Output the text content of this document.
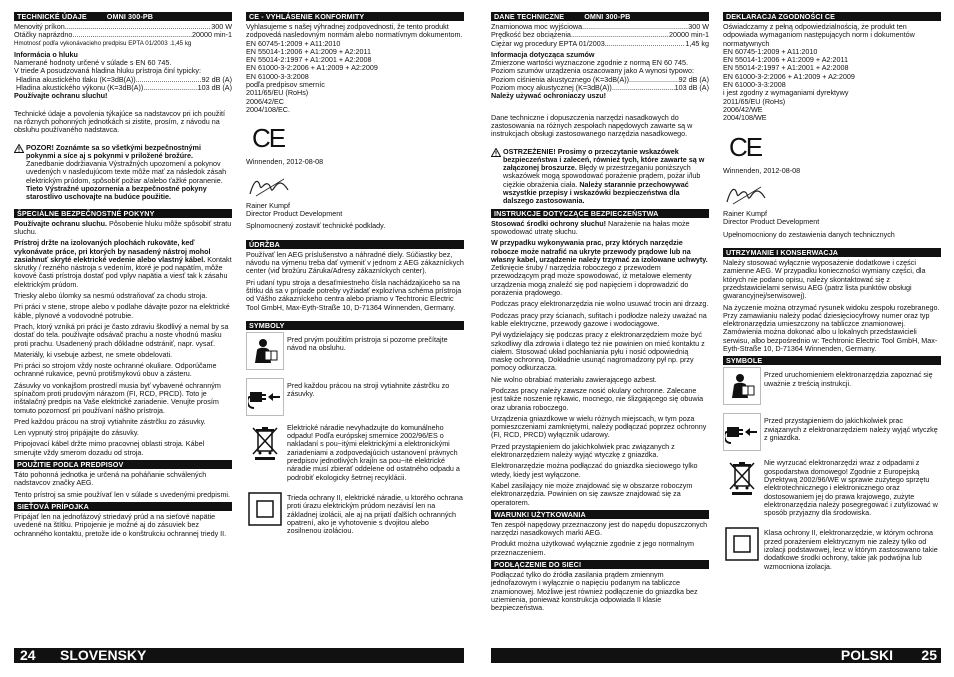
TECHNICKÉ ÚDAJE	OMNI 300-PB
Menovitý príkon .....	300 W
Otáčky naprázdno .....	20000 min-1

Hmotnosť podľa vykonávacieho predpisu EPTA 01/2003 .1,45 kg

Informácia o hluku

Namerané hodnoty určené v súlade s EN 60 745.

V triede A posudzovaná hladina hluku prístroja činí typicky:

Hladina akustického tlaku (K=3dB(A)) .....	92 dB (A)
Hladina akustického výkonu (K=3dB(A)) .....	103 dB (A)

Používajte ochranu sluchu!

Technické údaje a povolenia týkajúce sa nadstavcov pri ich použití na rôznych pohonných jednotkách si zistite, prosím, z návodu na obsluhu používaného nadstavca.

POZOR! Zoznámte sa so všetkými bezpečnostnými pokynmi a síce aj s pokynmi v priložené brožúre. Zanedbanie dodržiavania Výstražných upozornení a pokynov uvedených v nasledujúcom texte môže mať za následok zásah elektrickým prúdom, spôsobiť požiar a/alebo ťažké poranenie. Tieto Výstražné upozornenia a bezpečnostné pokyny starostlivo uschovajte na budúce použitie.

ŠPECIÁLNE BEZPEČNOSTNÉ POKYNY

Používajte ochranu sluchu. Pôsobenie hluku môže spôsobiť stratu sluchu.

Prístroj držte na izolovaných plochách rukoväte, keď vykonávate práce, pri ktorých by nasadený nástroj mohol zasiahnuť skryté elektrické vedenie alebo vlastný kábel. Kontakt skrutky / rezného nástroja s vedením, ktoré je pod napätím, môže kovové časti prístroja dostať pod vplyv napätia a viesť tak k zásahu elektrickým prúdom.

Triesky alebo úlomky sa nesmú odstraňovať za chodu stroja.

Pri práci v stene, stropе alebo v podlahe dávajte pozor na elektrické káble, plynové a vodovodné potrubie.

Prach, ktorý vzniká pri práci je často zdraviu škodlivý a nemal by sa dostať do tela. používajte odsávač prachu a noste vhodnú masku proti prachu. Usadenený prach dôkladne odstrániť, napr. vysať.

Materiály, ki vsebuje azbest, ne smete obdelovati.

Pri práci so strojom vždy noste ochranné okuliare. Odporúčame ochranné rukavice, pevnú protišmykovú obuv a zásteru.

Zásuvky vo vonkajšom prostredí musia byť vybavené ochranným spínačom proti prudovým nárazom (FI, RCD, PRCD). Toto je inštalačný predpis na Vaše elektrické zariadenie. Venujte prosím tomuto pozornosť pri používaní nášho prístroja.

Pred každou prácou na stroji vytiahnite zástrčku zo zásuvky.

Len vypnutý stroj pripájajte do zásuvky.

Pripojovací kábel držte mimo pracovnej oblasti stroja. Kábel smerujte vždy smerom dozadu od stroja.

POUŽITIE PODĽA PREDPISOV

Táto pohonná jednotka je určená na poháňanie schválených nadstavcov značky AEG.

Tento prístroj sa smie používať len v súlade s uvedenými predpismi.

SIEŤOVÁ PRÍPOJKA

Pripájať len na jednofázový striedavý prúd a na sieťové napätie uvedené na štítku. Pripojenie je možné aj do zásuviek bez ochranného kontaktu, pretože ide o konštrukciu ochrannej triedy II.

CE - VYHLÁSENIE KONFORMITY

Vyhlasujeme s našej výhradnej zodpovednosti, že tento produkt zodpovedá nasledovným normám alebo normatívnym dokumentom.

EN 60745-1:2009 + A11:2010
EN 55014-1:2006 + A1:2009 + A2:2011
EN 55014-2:1997 + A1:2001 + A2:2008
EN 61000-3-2:2006 + A1:2009 + A2:2009
EN 61000-3-3:2008
podľa predpisov smerníc
2011/65/EU (RoHs)
2006/42/EC
2004/108/EC.
CE

Winnenden, 2012-08-08

Rainer Kumpf

Director Product Development

Splnomocnený zostaviť technické podklady.

ÚDRŽBA

Používať len AEG príslušenstvo a náhradné diely. Súčiastky bez, návodu na výmenu treba dať vymeniť v jednom z AEG zákazníckych center (viď brožúru Záruka/Adresy zákazníckych center).

Pri udaní typu stroja a desaťmiestneho čísla nachádzajúceho sa na štítku dá sa v prípade potreby vyžiadať explozívna schéma prístroja od Vášho zákazníckeho centra alebo priamo v Techtronic Electric Tool GmbH, Max-Eyth-Straße 10, D-71364 Winnenden, Germany.

SYMBOLY
Pred prvým použitím prístroja si pozorne prečítajte návod na obsluhu.
Pred každou prácou na stroji vytiahnite zástrčku zo zásuvky.
Elektrické náradie nevyhadzujte do komunálneho odpadu! Podľa európskej smernice 2002/96/ES o nakladaní s pou~itými elektrickými a elektronickými zariadeniami a zodpovedajúcich ustanovení právnych predpisov jednotlivých krajín sa pou~ité elektrické náradie musí zbierať oddelene od ostatného odpadu a podrobiť ekologicky šetrnej recyklácii.
Trieda ochrany II, elektrické náradie, u ktorého ochrana proti úrazu elektrickým prúdom nezávisí len na základnej izolácii, ale aj na prijatí ďalších ochranných opatrení, ako je vyhotovenie s dvojitou alebo zosilnenou izoláciou.
DANE TECHNICZNE	OMNI 300-PB
Znamionowa moc wyjściowa .....	300 W
Prędkość bez obciążenia .....	20000 min-1
Ciężar wg procedury EPTA 01/2003 .....	1,45 kg

Informacja dotycząca szumów

Zmierzone wartości wyznaczone zgodnie z normą EN 60 745. Poziom szumów urządzenia oszacowany jako A wynosi typowo:

Poziom ciśnienia akustycznego (K=3dB(A)) .....	92 dB (A)
Poziom mocy akustycznej (K=3dB(A)) .....	103 dB (A)

Należy używać ochroniaczy uszu!

Dane techniczne i dopuszczenia narzędzi nasadkowych do zastosowania na różnych zespołach napędowych zawarte są w instrukcjach obsługi zastosowanego narzędzia nasadkowego.

OSTRZEŻENIE! Prosimy o przeczytanie wskazówek bezpieczeństwa i zaleceń, również tych, które zawarte są w załączonej broszurze. Błędy w przestrzeganiu poniższych wskazówek mogą spowodować porażenie prądem, pożar i/lub ciężkie obrażenia ciała. Należy starannie przechowywać wszystkie przepisy i wskazówki bezpieczeństwa dla dalszego zastosowania.

INSTRUKCJE DOTYCZĄCE BEZPIECZEŃSTWA

Stosować środki ochrony słuchu! Narażenie na hałas może spowodować utratę słuchu.

W przypadku wykonywania prac, przy których narzędzie robocze może natrafić na ukryte przewody prądowe lub na własny kabel, urządzenie należy trzymać za izolowane uchwyty. Zetknięcie śruby / narzędzia roboczego z przewodem przewodzącym prąd może spowodować, iż metalowe elementy urządzenia mogą znaleźć się pod napięciem i doprowadzić do porażenia prądowego.

Podczas pracy elektronarzędzia nie wolno usuwać trocin ani drzazg.

Podczas pracy przy ścianach, sufitach i podłodze należy uważać na kable elektryczne, przewody gazowe i wodociągowe.

Pył wydzielający się podczas pracy z elektronarzędziem może być szkodliwy dla zdrowia i dlatego też nie powinien on mieć kontaktu z ciałem. Stosować układ pochłaniania pyłu i nosić odpowiednią maskę ochronną. Dokładnie usunąć nagromadzony pył np. przy pomocy odkurzacza.

Nie wolno obrabiać materiału zawierającego azbest.

Podczas pracy należy zawsze nosić okulary ochronne. Zalecane jest także noszenie rękawic, mocnego, nie ślizgającego się obuwia oraz ubrania roboczego.

Urządzenia gniazdkowe w wielu różnych miejscach, w tym poza pomieszczeniami zamkniętymi, należy podłączać poprzez ochronny (FI, RCD, PRCD) wyłącznik udarowy.

Przed przystąpieniem do jakichkolwiek prac związanych z elektronarzędziem należy wyjąć wtyczkę z gniazdka.

Elektronarzędzie można podłączać do gniazdka sieciowego tylko wtedy, kiedy jest wyłączone.

Kabel zasilający nie może znajdować się w obszarze roboczym elektronarzędzia. Powinien on się zawsze znajdować się za operatorem.

WARUNKI UŻYTKOWANIA

Ten zespół napędowy przeznaczony jest do napędu dopuszczonych narzędzi nasadkowych marki AEG.

Produkt można użytkować wyłącznie zgodnie z jego normalnym przeznaczeniem.

PODŁĄCZENIE DO SIECI

Podłączać tylko do źródła zasilania prądem zmiennym jednofazowym i wyłącznie o napięciu podanym na tabliczce znamionowej. Możliwe jest również podłączenie do gniazdka bez uziemienia, ponieważ konstrukcja odpowiada II klasie bezpieczeństwa.

DEKLARACJA ZGODNOŚCI CE

Oświadczamy z pełną odpowiedzialnością, że produkt ten odpowiada wymaganiom następujących norm i dokumentów normatywnych

EN 60745-1:2009 + A11:2010
EN 55014-1:2006 + A1:2009 + A2:2011
EN 55014-2:1997 + A1:2001 + A2:2008
EN 61000-3-2:2006 + A1:2009 + A2:2009
EN 61000-3-3:2008
i jest zgodny z wymaganiami dyrektywy
2011/65/EU (RoHs)
2006/42/WE
2004/108/WE
CE

Winnenden, 2012-08-08

Rainer Kumpf

Director Product Development

Upełnomocniony do zestawienia danych technicznych

UTRZYMANIE I KONSERWACJA

Należy stosować wyłącznie wyposażenie dodatkowe i części zamienne AEG. W przypadku konieczności wymiany części, dla których nie podano opisu, należy skontaktować się z przedstawicielami serwisu AEG (patrz lista punktów obsługi gwarancyjnej/serwisowej).

Na życzenie można otrzymać rysunek widoku zespołu rozebranego. Przy zamawianiu należy podać dziesięciocyfrowy numer oraz typ elektronarzędzia umieszczony na tabliczce znamionowej. Zamówienia można dokonać albo u lokalnych przedstawicieli serwisu, albo bezpośrednio w: Techtronic Electric Tool GmbH, Max-Eyth-Straße 10, D-71364 Winnenden, Germany.

SYMBOLE
Przed uruchomieniem elektronarzędzia zapoznać się uważnie z treścią instrukcji.
Przed przystąpieniem do jakichkolwiek prac związanych z elektronarzędziem należy wyjąć wtyczkę z gniazdka.
Nie wyrzucać elektronarzędzi wraz z odpadami z gospodarstwa domowego! Zgodnie z Europejską Dyrektywą 2002/96/WE w sprawie zużytego sprzętu elektrotechnicznego i elektronicznego oraz dostosowaniem jej do prawa krajowego, zużyte elektronarzędzia należy posegregować i zutylizować w sposób przyjazny dla środowiska.
Klasa ochrony II, elektronarzędzie, w którym ochrona przed porażeniem elektrycznym nie zależy tylko od izolacji podstawowej, lecz w którym zastosowano takie dodatkowe środki ochrony, takie jak podwójna lub wzmocniona izolacja.
24 SLOVENSKY	POLSKI 25
